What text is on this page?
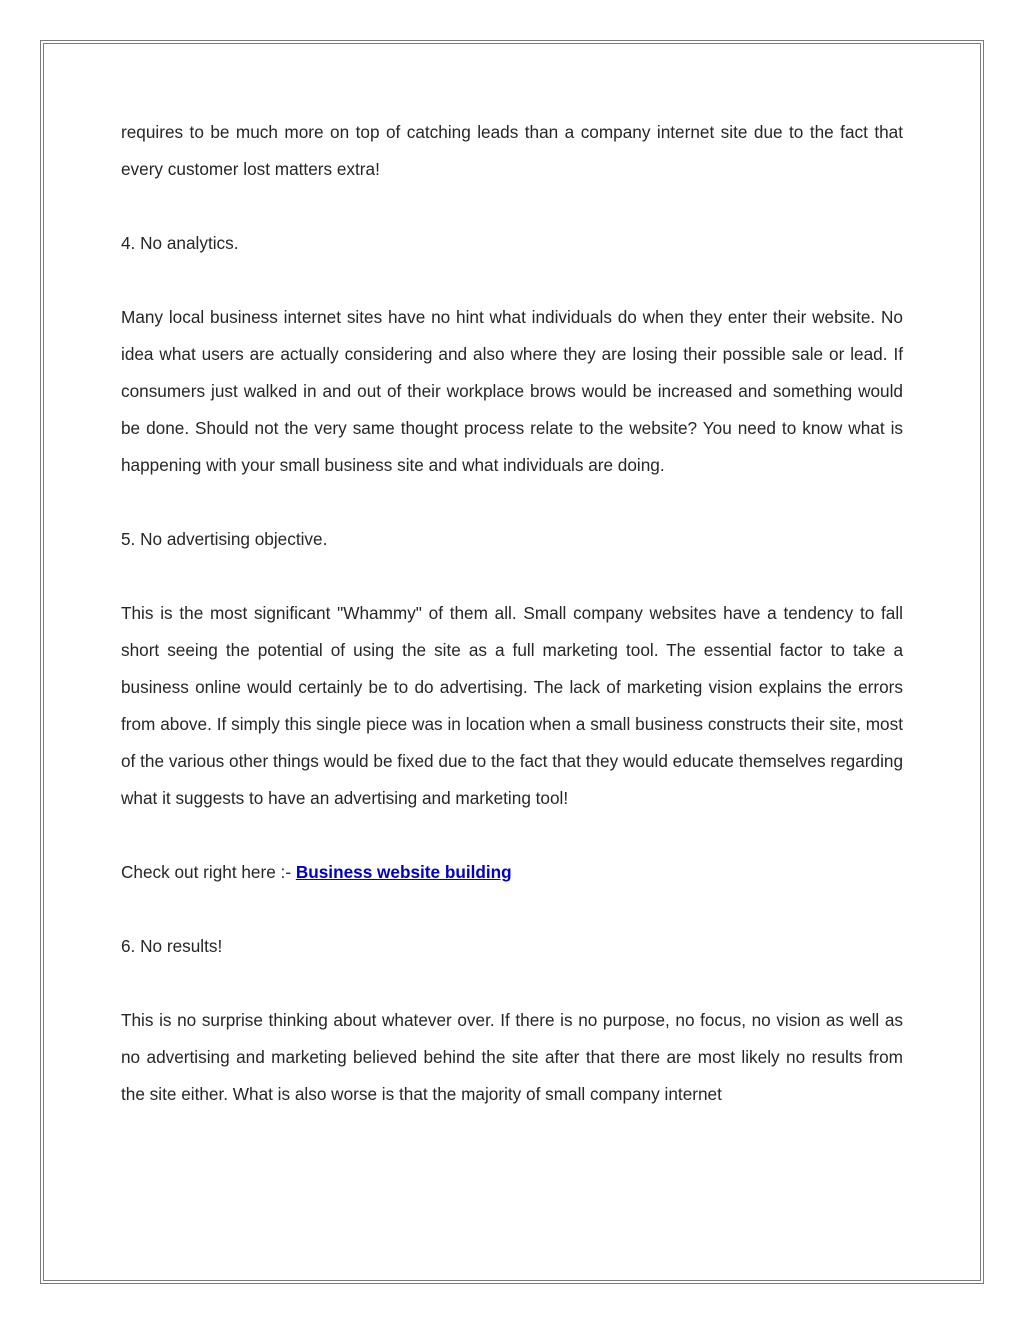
requires to be much more on top of catching leads than a company internet site due to the fact that every customer lost matters extra!

4. No analytics.

Many local business internet sites have no hint what individuals do when they enter their website. No idea what users are actually considering and also where they are losing their possible sale or lead. If consumers just walked in and out of their workplace brows would be increased and something would be done. Should not the very same thought process relate to the website? You need to know what is happening with your small business site and what individuals are doing.

5. No advertising objective.

This is the most significant "Whammy" of them all. Small company websites have a tendency to fall short seeing the potential of using the site as a full marketing tool. The essential factor to take a business online would certainly be to do advertising. The lack of marketing vision explains the errors from above. If simply this single piece was in location when a small business constructs their site, most of the various other things would be fixed due to the fact that they would educate themselves regarding what it suggests to have an advertising and marketing tool!

Check out right here :- Business website building

6. No results!

This is no surprise thinking about whatever over. If there is no purpose, no focus, no vision as well as no advertising and marketing believed behind the site after that there are most likely no results from the site either. What is also worse is that the majority of small company internet
